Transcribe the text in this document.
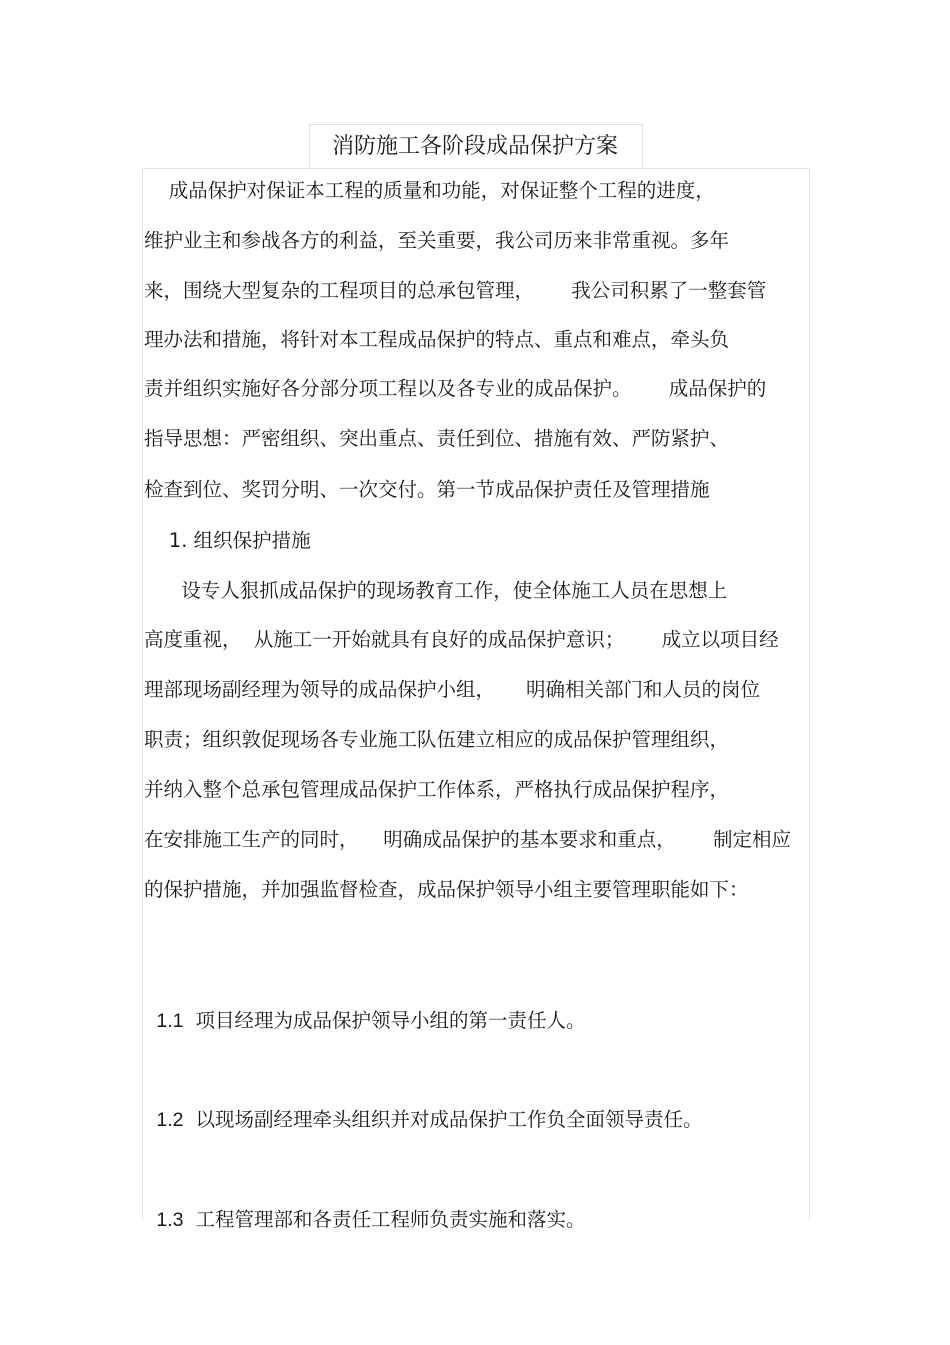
消防施工各阶段成品保护方案
成品保护对保证本工程的质量和功能，对保证整个工程的进度，
维护业主和参战各方的利益，至关重要，我公司历来非常重视。多年
来，围绕大型复杂的工程项目的总承包管理，      我公司积累了一整套管
理办法和措施，将针对本工程成品保护的特点、重点和难点，牵头负
责并组织实施好各分部分项工程以及各专业的成品保护。      成品保护的
指导思想：严密组织、突出重点、责任到位、措施有效、严防紧护、
检查到位、奖罚分明、一次交付。第一节成品保护责任及管理措施
1. 组织保护措施
设专人狠抓成品保护的现场教育工作，使全体施工人员在思想上
高度重视，  从施工一开始就具有良好的成品保护意识；      成立以项目经
理部现场副经理为领导的成品保护小组，     明确相关部门和人员的岗位
职责；组织敦促现场各专业施工队伍建立相应的成品保护管理组织，
并纳入整个总承包管理成品保护工作体系，严格执行成品保护程序，
在安排施工生产的同时，    明确成品保护的基本要求和重点，      制定相应
的保护措施，并加强监督检查，成品保护领导小组主要管理职能如下：

1.1 项目经理为成品保护领导小组的第一责任人。

1.2 以现场副经理牵头组织并对成品保护工作负全面领导责任。

1.3 工程管理部和各责任工程师负责实施和落实。
